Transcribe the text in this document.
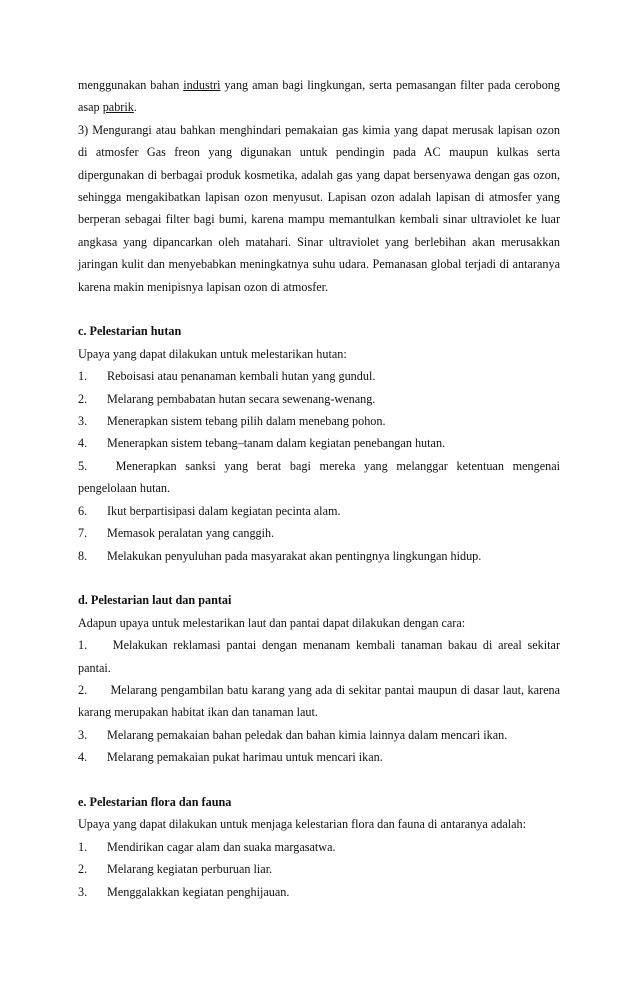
menggunakan bahan industri yang aman bagi lingkungan, serta pemasangan filter pada cerobong asap pabrik.

3) Mengurangi atau bahkan menghindari pemakaian gas kimia yang dapat merusak lapisan ozon di atmosfer Gas freon yang digunakan untuk pendingin pada AC maupun kulkas serta dipergunakan di berbagai produk kosmetika, adalah gas yang dapat bersenyawa dengan gas ozon, sehingga mengakibatkan lapisan ozon menyusut. Lapisan ozon adalah lapisan di atmosfer yang berperan sebagai filter bagi bumi, karena mampu memantulkan kembali sinar ultraviolet ke luar angkasa yang dipancarkan oleh matahari. Sinar ultraviolet yang berlebihan akan merusakkan jaringan kulit dan menyebabkan meningkatnya suhu udara. Pemanasan global terjadi di antaranya karena makin menipisnya lapisan ozon di atmosfer.

c. Pelestarian hutan

Upaya yang dapat dilakukan untuk melestarikan hutan:

1.	Reboisasi atau penanaman kembali hutan yang gundul.
2.	Melarang pembabatan hutan secara sewenang-wenang.
3.	Menerapkan sistem tebang pilih dalam menebang pohon.
4.	Menerapkan sistem tebang–tanam dalam kegiatan penebangan hutan.
5. Menerapkan sanksi yang berat bagi mereka yang melanggar ketentuan mengenai pengelolaan hutan.
6.	Ikut berpartisipasi dalam kegiatan pecinta alam.
7.	Memasok peralatan yang canggih.
8.	Melakukan penyuluhan pada masyarakat akan pentingnya lingkungan hidup.

d. Pelestarian laut dan pantai

Adapun upaya untuk melestarikan laut dan pantai dapat dilakukan dengan cara:

1. Melakukan reklamasi pantai dengan menanam kembali tanaman bakau di areal sekitar pantai.
2. Melarang pengambilan batu karang yang ada di sekitar pantai maupun di dasar laut, karena karang merupakan habitat ikan dan tanaman laut.
3.	Melarang pemakaian bahan peledak dan bahan kimia lainnya dalam mencari ikan.
4.	Melarang pemakaian pukat harimau untuk mencari ikan.

e. Pelestarian flora dan fauna

Upaya yang dapat dilakukan untuk menjaga kelestarian flora dan fauna di antaranya adalah:

1.	Mendirikan cagar alam dan suaka margasatwa.
2.	Melarang kegiatan perburuan liar.
3.	Menggalakkan kegiatan penghijauan.
